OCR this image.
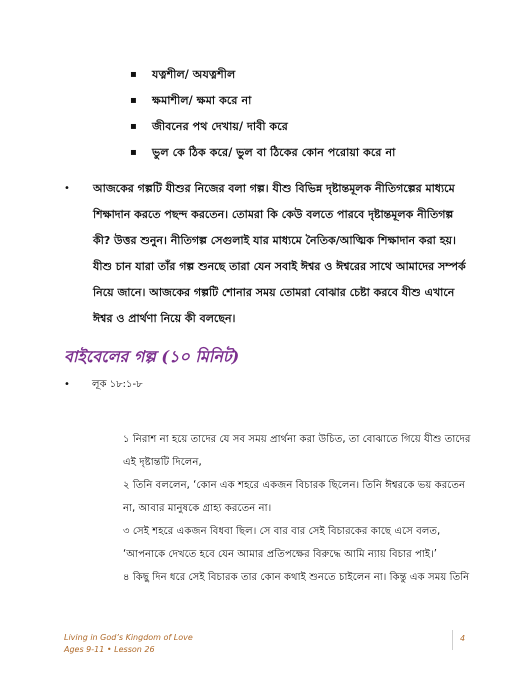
▪ যত্নশীল/ অযত্নশীল
▪ ক্ষমাশীল/ ক্ষমা করে না
▪ জীবনের পথ দেখায়/ দাবী করে
▪ ভুল কে ঠিক করে/ ভুল বা ঠিকের কোন পরোয়া করে না
• আজকের গল্পটি যীশুর নিজের বলা গল্প। যীশু বিভিন্ন দৃষ্টান্তমূলক নীতিগল্পের মাধ্যমে
শিক্ষাদান করতে পছন্দ করতেন। তোমরা কি কেউ বলতে পারবে দৃষ্টান্তমূলক নীতিগল্প
কী? উত্তর শুনুন। নীতিগল্প সেগুলাই যার মাধ্যমে নৈতিক/আত্মিক শিক্ষাদান করা হয়।
যীশু চান যারা তাঁর গল্প শুনছে তারা যেন সবাই ঈশ্বর ও ঈশ্বরের সাথে আমাদের সম্পর্ক
নিয়ে জানে। আজকের গল্পটি শোনার সময় তোমরা বোঝার চেষ্টা করবে যীশু এখানে
ঈশ্বর ও প্রার্থণা নিয়ে কী বলছেন।
বাইবেলের গল্প (১০ মিনিট)
• লূক ১৮:১-৮
১ নিরাশ না হয়ে তাদের যে সব সময় প্রার্থনা করা উচিত, তা বোঝাতে গিয়ে যীশু তাদের
এই দৃষ্টান্তটি দিলেন,
২ তিনি বললেন, ‘কোন এক শহরে একজন বিচারক ছিলেন। তিনি ঈশ্বরকে ভয় করতেন
না, আবার মানুষকে গ্রাহ্য করতেন না।
৩ সেই শহরে একজন বিধবা ছিল। সে বার বার সেই বিচারকের কাছে এসে বলত,
‘আপনাকে দেখতে হবে যেন আমার প্রতিপক্ষের বিরুদ্ধে আমি ন্যায় বিচার পাই।’
৪ কিছু দিন ধরে সেই বিচারক তার কোন কথাই শুনতে চাইলেন না। কিন্তু এক সময় তিনি
Living in God’s Kingdom of Love
Ages 9-11 • Lesson 26
4
